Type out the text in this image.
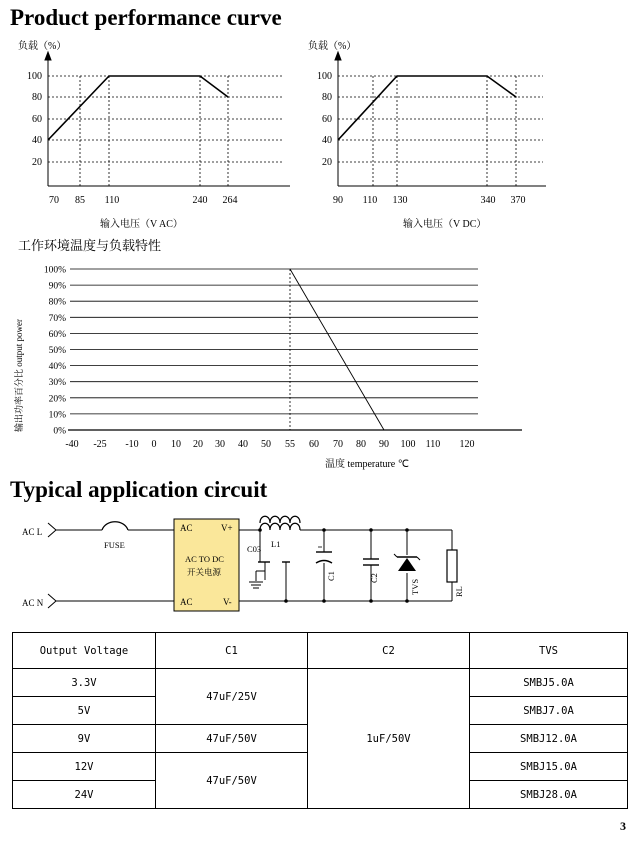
Product performance curve
负载（%）
100
80
60
40
20
70 85 110	240 264
输入电压（V AC）
负载（%）
100
80
60
40
20
90 110 130	340 370
输入电压（V DC）
工作环境温度与负载特性
输出功率百分比 output power
100%
90%
80%
70%
60%
50%
40%
30%
20%
10%
0%
-40 -25 -10 0 10 20 30 40 50 55 60 70 80 90 100 110 120
温度 temperature ℃
Typical application circuit
AC L
AC N
FUSE
AC	V+
AC TO DC
开关电源
AC	V-
L1
C03
C1	C2
TVS	RL
Output Voltage	C1	C2	TVS
3.3V	47uF/25V	1uF/50V	SMBJ5.0A
5V			SMBJ7.0A
9V	47uF/50V		SMBJ12.0A
12V	47uF/50V		SMBJ15.0A
24V			SMBJ28.0A
3
